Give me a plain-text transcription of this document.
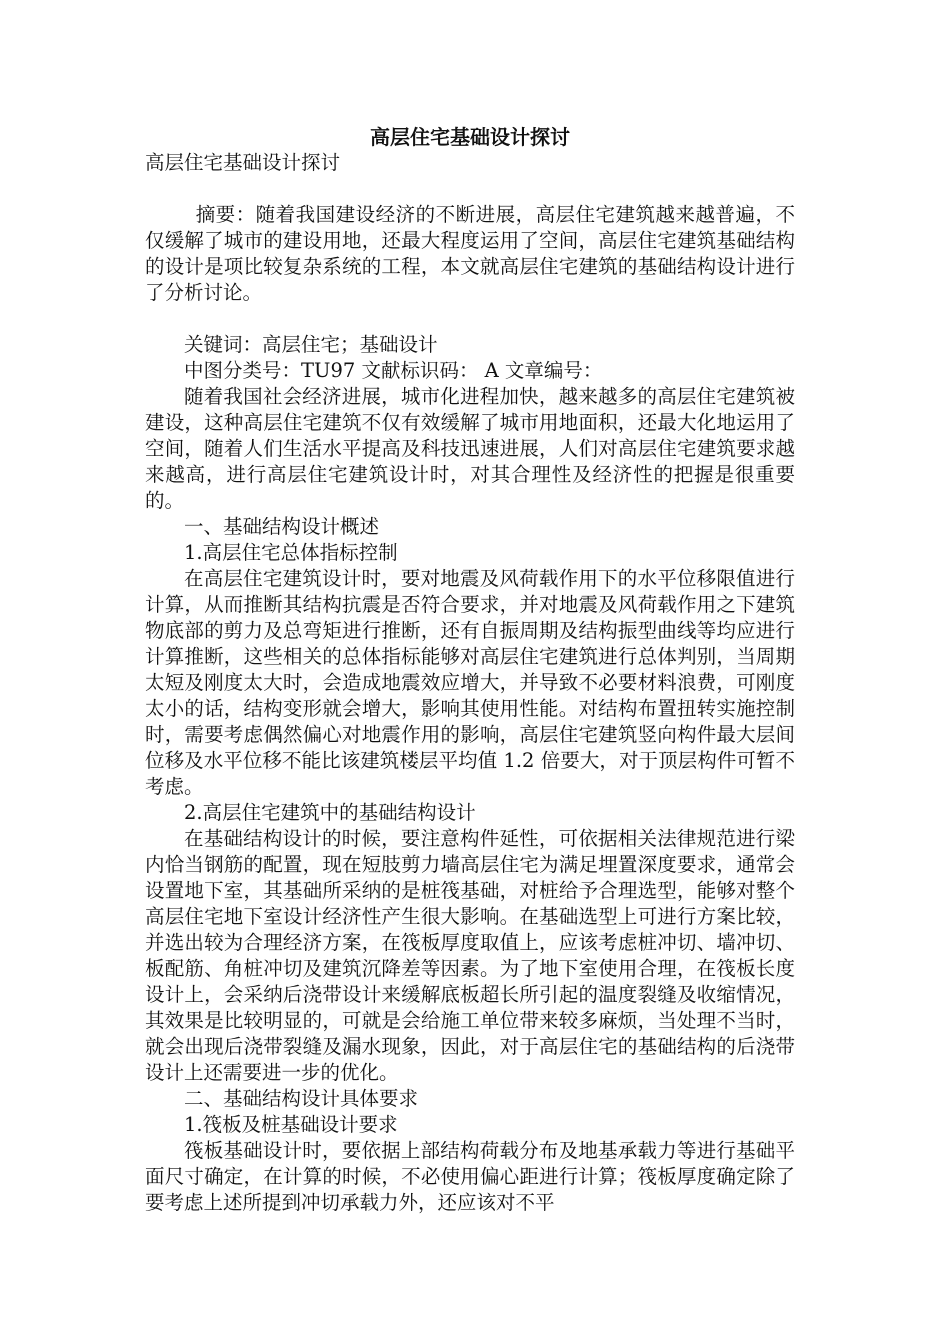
高层住宅基础设计探讨

高层住宅基础设计探讨

摘要：随着我国建设经济的不断进展，高层住宅建筑越来越普遍，不仅缓解了城市的建设用地，还最大程度运用了空间，高层住宅建筑基础结构的设计是项比较复杂系统的工程，本文就高层住宅建筑的基础结构设计进行了分析讨论。

关键词：高层住宅；基础设计

中图分类号：TU97 文献标识码： A 文章编号：

随着我国社会经济进展，城市化进程加快，越来越多的高层住宅建筑被建设，这种高层住宅建筑不仅有效缓解了城市用地面积，还最大化地运用了空间，随着人们生活水平提高及科技迅速进展，人们对高层住宅建筑要求越来越高，进行高层住宅建筑设计时，对其合理性及经济性的把握是很重要的。

一、基础结构设计概述

1.高层住宅总体指标控制

在高层住宅建筑设计时，要对地震及风荷载作用下的水平位移限值进行计算，从而推断其结构抗震是否符合要求，并对地震及风荷载作用之下建筑物底部的剪力及总弯矩进行推断，还有自振周期及结构振型曲线等均应进行计算推断，这些相关的总体指标能够对高层住宅建筑进行总体判别，当周期太短及刚度太大时，会造成地震效应增大，并导致不必要材料浪费，可刚度太小的话，结构变形就会增大，影响其使用性能。对结构布置扭转实施控制时，需要考虑偶然偏心对地震作用的影响，高层住宅建筑竖向构件最大层间位移及水平位移不能比该建筑楼层平均值 1.2 倍要大，对于顶层构件可暂不考虑。

2.高层住宅建筑中的基础结构设计

在基础结构设计的时候，要注意构件延性，可依据相关法律规范进行梁内恰当钢筋的配置，现在短肢剪力墙高层住宅为满足埋置深度要求，通常会设置地下室，其基础所采纳的是桩筏基础，对桩给予合理选型，能够对整个高层住宅地下室设计经济性产生很大影响。在基础选型上可进行方案比较，并选出较为合理经济方案，在筏板厚度取值上，应该考虑桩冲切、墙冲切、板配筋、角桩冲切及建筑沉降差等因素。为了地下室使用合理，在筏板长度设计上，会采纳后浇带设计来缓解底板超长所引起的温度裂缝及收缩情况，其效果是比较明显的，可就是会给施工单位带来较多麻烦，当处理不当时，就会出现后浇带裂缝及漏水现象，因此，对于高层住宅的基础结构的后浇带设计上还需要进一步的优化。

二、基础结构设计具体要求

1.筏板及桩基础设计要求

筏板基础设计时，要依据上部结构荷载分布及地基承载力等进行基础平面尺寸确定，在计算的时候，不必使用偏心距进行计算；筏板厚度确定除了要考虑上述所提到冲切承载力外，还应该对不平
